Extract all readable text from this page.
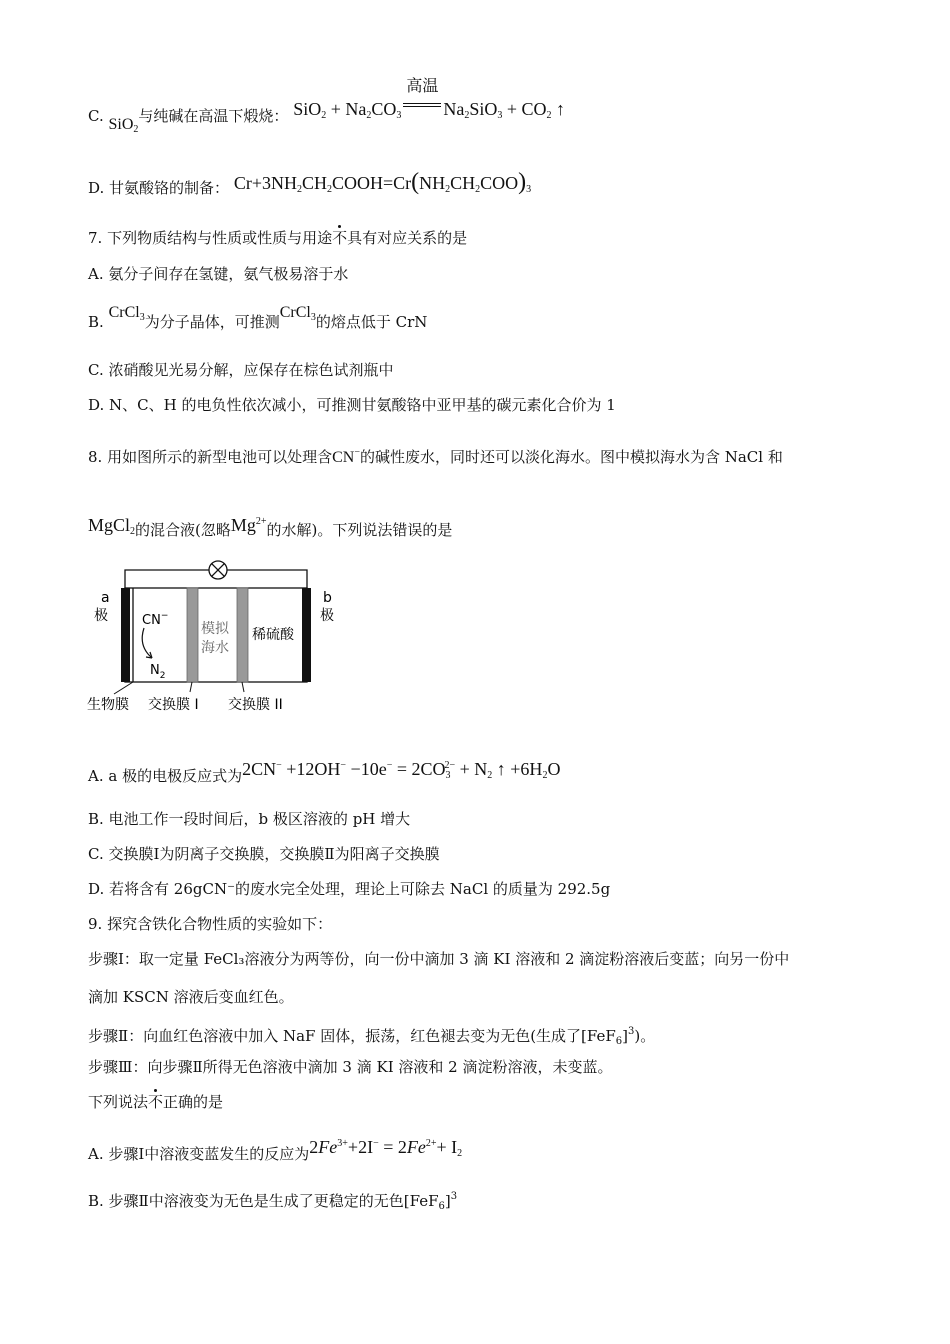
C. SiO$_2$与纯碱在高温下煅烧： $SiO_2 + Na_2CO_3$
高温
$Na_2SiO_3 + CO_2$ ↑
D. 甘氨酸铬的制备： $Cr+3NH_2CH_2COOH=Cr(NH_2CH_2COO)_3$
7. 下列物质结构与性质或性质与用途不具有对应关系的是
A. 氨分子间存在氢键，氨气极易溶于水
B. CrCl$_3$为分子晶体，可推测CrCl$_3$的熔点低于 CrN
C. 浓硝酸见光易分解，应保存在棕色试剂瓶中
D. N、C、H 的电负性依次减小，可推测甘氨酸铬中亚甲基的碳元素化合价为 1
8. 用如图所示的新型电池可以处理含CN−的碱性废水，同时还可以淡化海水。图中模拟海水为含 NaCl 和
MgCl$_2$的混合液(忽略$Mg^{2+}$的水解)。下列说法错误的是
a
极
b
极
CN−
$N_2$
模拟
海水
稀硫酸
生物膜 交换膜 I 交换膜 II
A. a 极的电极反应式为$2CN^- +12OH^- -10e^- = 2CO_3^{2-} + N_2$ ↑ $+6H_2O$
B. 电池工作一段时间后，b 极区溶液的 pH 增大
C. 交换膜Ⅰ为阴离子交换膜，交换膜Ⅱ为阳离子交换膜
D. 若将含有 26gCN⁻的废水完全处理，理论上可除去 NaCl 的质量为 292.5g
9. 探究含铁化合物性质的实验如下：
步骤Ⅰ：取一定量 FeCl₃溶液分为两等份，向一份中滴加 3 滴 KI 溶液和 2 滴淀粉溶液后变蓝；向另一份中
滴加 KSCN 溶液后变血红色。
步骤Ⅱ：向血红色溶液中加入 NaF 固体，振荡，红色褪去变为无色(生成了$[FeF_6]^3$)。
步骤Ⅲ：向步骤Ⅱ所得无色溶液中滴加 3 滴 KI 溶液和 2 滴淀粉溶液，未变蓝。
下列说法不正确的是
A. 步骤Ⅰ中溶液变蓝发生的反应为$2Fe^{3+}+2I^- = 2Fe^{2+}+ I_2$
B. 步骤Ⅱ中溶液变为无色是生成了更稳定的无色$[FeF_6]^3$
